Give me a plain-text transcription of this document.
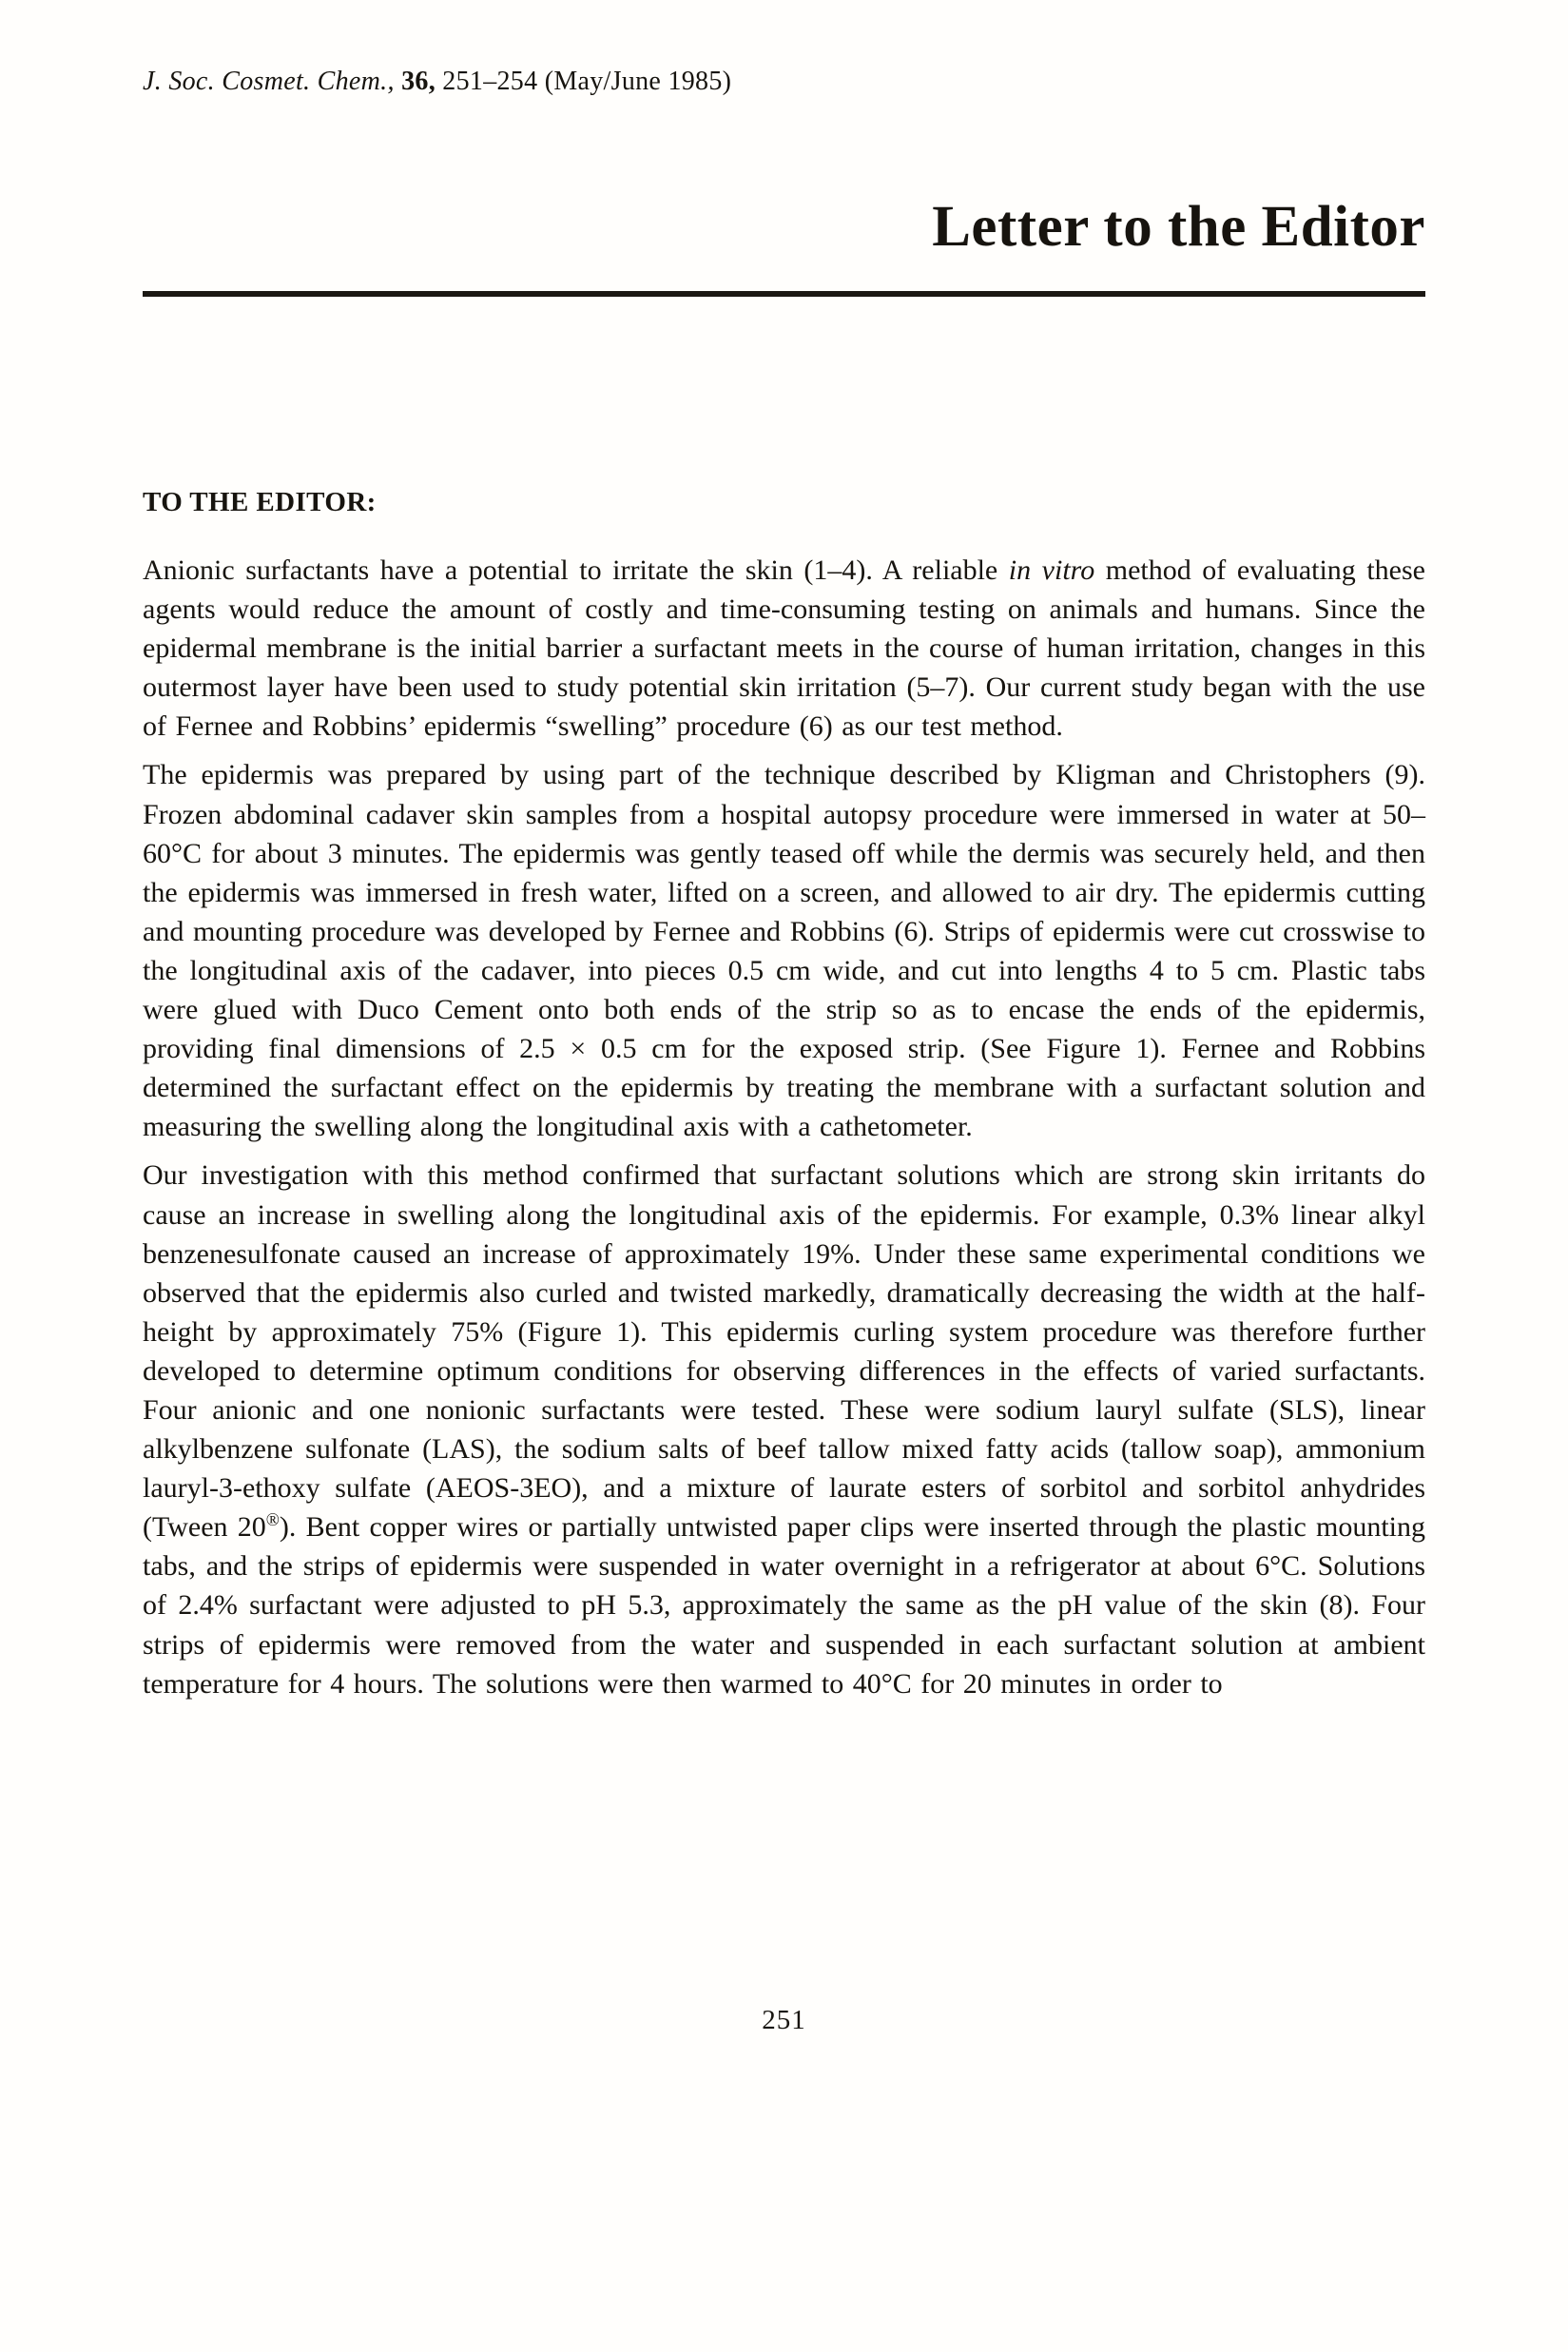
J. Soc. Cosmet. Chem., 36, 251–254 (May/June 1985)
Letter to the Editor
TO THE EDITOR:

Anionic surfactants have a potential to irritate the skin (1–4). A reliable in vitro method of evaluating these agents would reduce the amount of costly and time-consuming testing on animals and humans. Since the epidermal membrane is the initial barrier a surfactant meets in the course of human irritation, changes in this outermost layer have been used to study potential skin irritation (5–7). Our current study began with the use of Fernee and Robbins’ epidermis “swelling” procedure (6) as our test method.

The epidermis was prepared by using part of the technique described by Kligman and Christophers (9). Frozen abdominal cadaver skin samples from a hospital autopsy procedure were immersed in water at 50–60°C for about 3 minutes. The epidermis was gently teased off while the dermis was securely held, and then the epidermis was immersed in fresh water, lifted on a screen, and allowed to air dry. The epidermis cutting and mounting procedure was developed by Fernee and Robbins (6). Strips of epidermis were cut crosswise to the longitudinal axis of the cadaver, into pieces 0.5 cm wide, and cut into lengths 4 to 5 cm. Plastic tabs were glued with Duco Cement onto both ends of the strip so as to encase the ends of the epidermis, providing final dimensions of 2.5 × 0.5 cm for the exposed strip. (See Figure 1). Fernee and Robbins determined the surfactant effect on the epidermis by treating the membrane with a surfactant solution and measuring the swelling along the longitudinal axis with a cathetometer.

Our investigation with this method confirmed that surfactant solutions which are strong skin irritants do cause an increase in swelling along the longitudinal axis of the epidermis. For example, 0.3% linear alkyl benzenesulfonate caused an increase of approximately 19%. Under these same experimental conditions we observed that the epidermis also curled and twisted markedly, dramatically decreasing the width at the half-height by approximately 75% (Figure 1). This epidermis curling system procedure was therefore further developed to determine optimum conditions for observing differences in the effects of varied surfactants. Four anionic and one nonionic surfactants were tested. These were sodium lauryl sulfate (SLS), linear alkylbenzene sulfonate (LAS), the sodium salts of beef tallow mixed fatty acids (tallow soap), ammonium lauryl-3-ethoxy sulfate (AEOS-3EO), and a mixture of laurate esters of sorbitol and sorbitol anhydrides (Tween 20®). Bent copper wires or partially untwisted paper clips were inserted through the plastic mounting tabs, and the strips of epidermis were suspended in water overnight in a refrigerator at about 6°C. Solutions of 2.4% surfactant were adjusted to pH 5.3, approximately the same as the pH value of the skin (8). Four strips of epidermis were removed from the water and suspended in each surfactant solution at ambient temperature for 4 hours. The solutions were then warmed to 40°C for 20 minutes in order to

251
